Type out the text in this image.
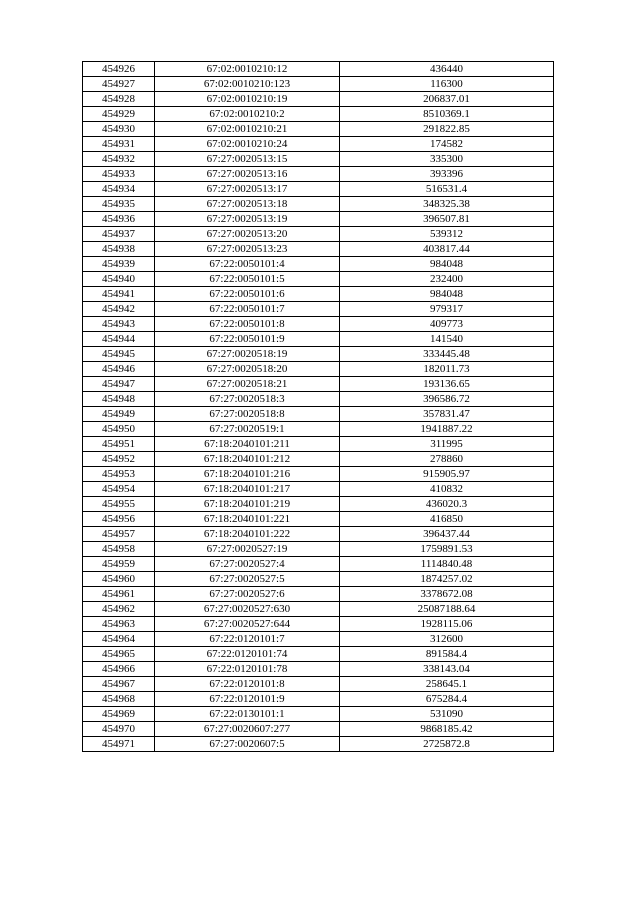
454926	67:02:0010210:12	436440
454927	67:02:0010210:123	116300
454928	67:02:0010210:19	206837.01
454929	67:02:0010210:2	8510369.1
454930	67:02:0010210:21	291822.85
454931	67:02:0010210:24	174582
454932	67:27:0020513:15	335300
454933	67:27:0020513:16	393396
454934	67:27:0020513:17	516531.4
454935	67:27:0020513:18	348325.38
454936	67:27:0020513:19	396507.81
454937	67:27:0020513:20	539312
454938	67:27:0020513:23	403817.44
454939	67:22:0050101:4	984048
454940	67:22:0050101:5	232400
454941	67:22:0050101:6	984048
454942	67:22:0050101:7	979317
454943	67:22:0050101:8	409773
454944	67:22:0050101:9	141540
454945	67:27:0020518:19	333445.48
454946	67:27:0020518:20	182011.73
454947	67:27:0020518:21	193136.65
454948	67:27:0020518:3	396586.72
454949	67:27:0020518:8	357831.47
454950	67:27:0020519:1	1941887.22
454951	67:18:2040101:211	311995
454952	67:18:2040101:212	278860
454953	67:18:2040101:216	915905.97
454954	67:18:2040101:217	410832
454955	67:18:2040101:219	436020.3
454956	67:18:2040101:221	416850
454957	67:18:2040101:222	396437.44
454958	67:27:0020527:19	1759891.53
454959	67:27:0020527:4	1114840.48
454960	67:27:0020527:5	1874257.02
454961	67:27:0020527:6	3378672.08
454962	67:27:0020527:630	25087188.64
454963	67:27:0020527:644	1928115.06
454964	67:22:0120101:7	312600
454965	67:22:0120101:74	891584.4
454966	67:22:0120101:78	338143.04
454967	67:22:0120101:8	258645.1
454968	67:22:0120101:9	675284.4
454969	67:22:0130101:1	531090
454970	67:27:0020607:277	9868185.42
454971	67:27:0020607:5	2725872.8
